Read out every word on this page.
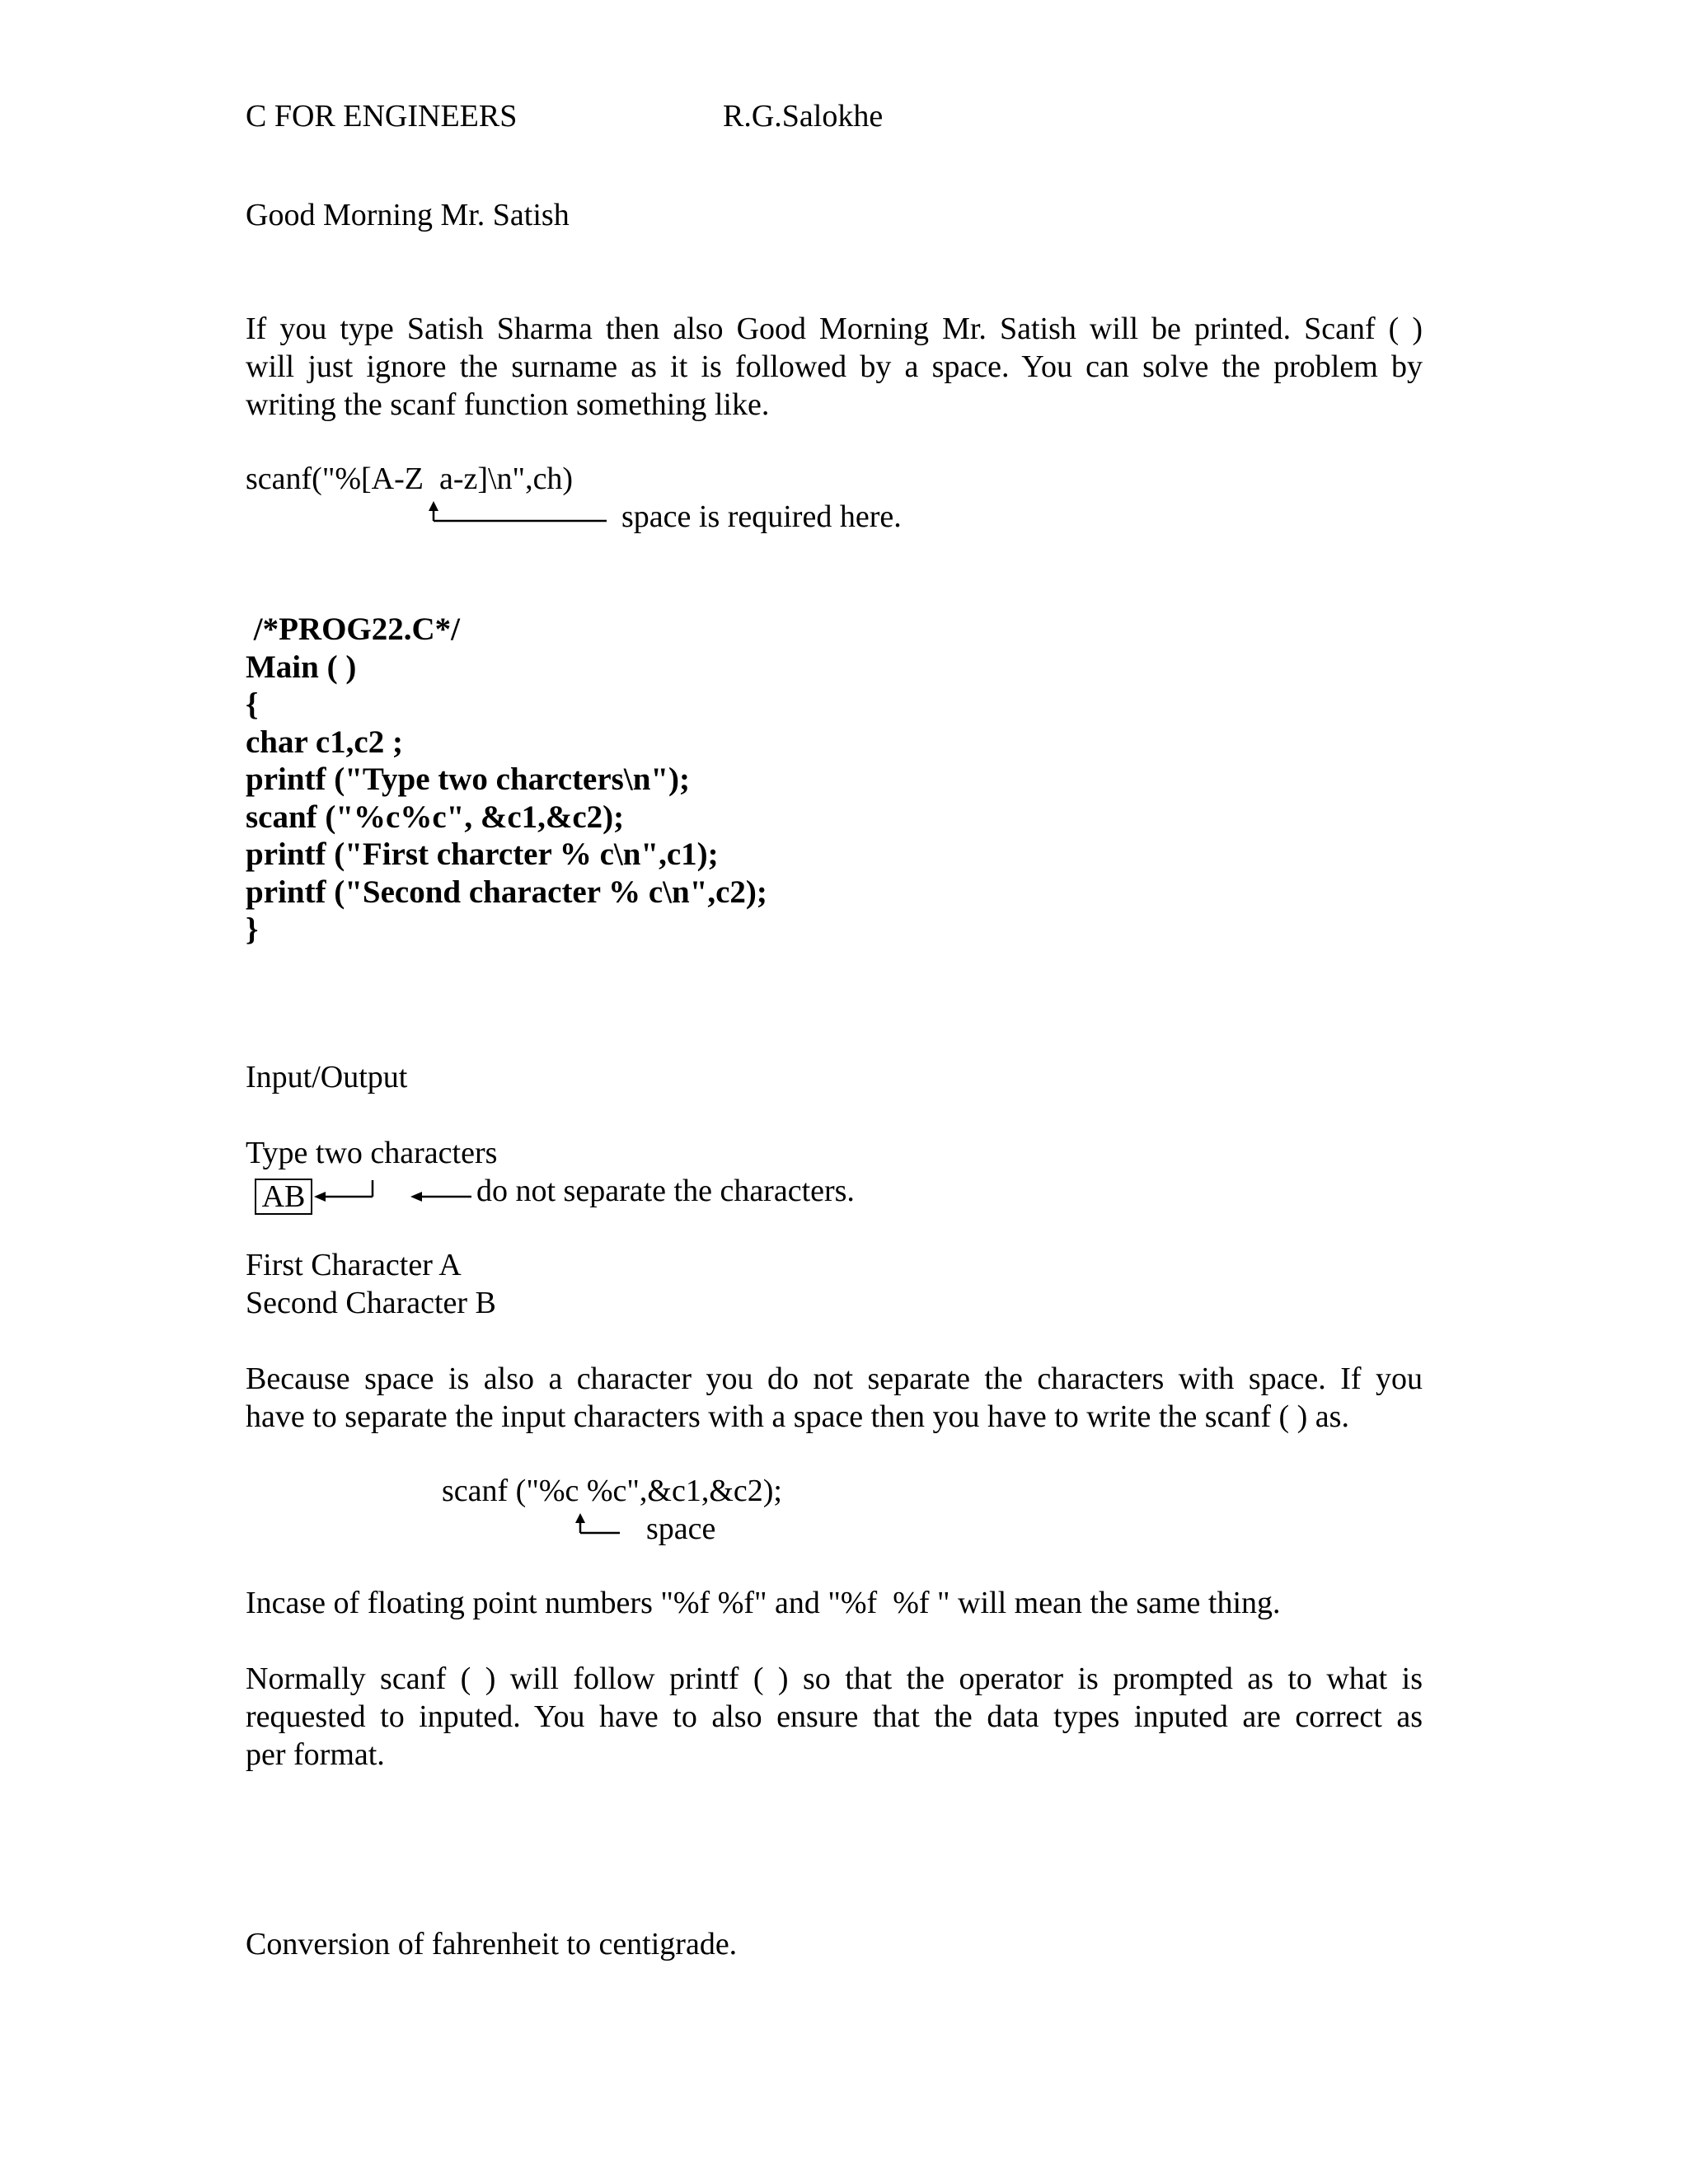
C FOR ENGINEERS	R.G.Salokhe
Good Morning Mr. Satish
If you type Satish Sharma then also Good Morning Mr. Satish will be printed. Scanf ( )
will just ignore the surname as it is followed by a space. You can solve the problem by
writing the scanf function something like.
scanf("%[A-Z  a-z]\n",ch)
space is required here.
/*PROG22.C*/
Main ( )
{
char c1,c2 ;
printf ("Type two charcters\n");
scanf ("%c%c", &c1,&c2);
printf ("First charcter % c\n",c1);
printf ("Second character % c\n",c2);
}
Input/Output
Type two characters
AB	do not separate the characters.
First Character A
Second Character B
Because space is also a character you do not separate the characters with space. If you
have to separate the input characters with a space then you have to write the scanf ( ) as.
scanf ("%c %c",&c1,&c2);
space
Incase of floating point numbers "%f %f" and "%f  %f " will mean the same thing.
Normally scanf ( ) will follow printf ( ) so that the operator is prompted as to what is
requested to inputed. You have to also ensure that the data types inputed are correct as
per format.
Conversion of fahrenheit to centigrade.
